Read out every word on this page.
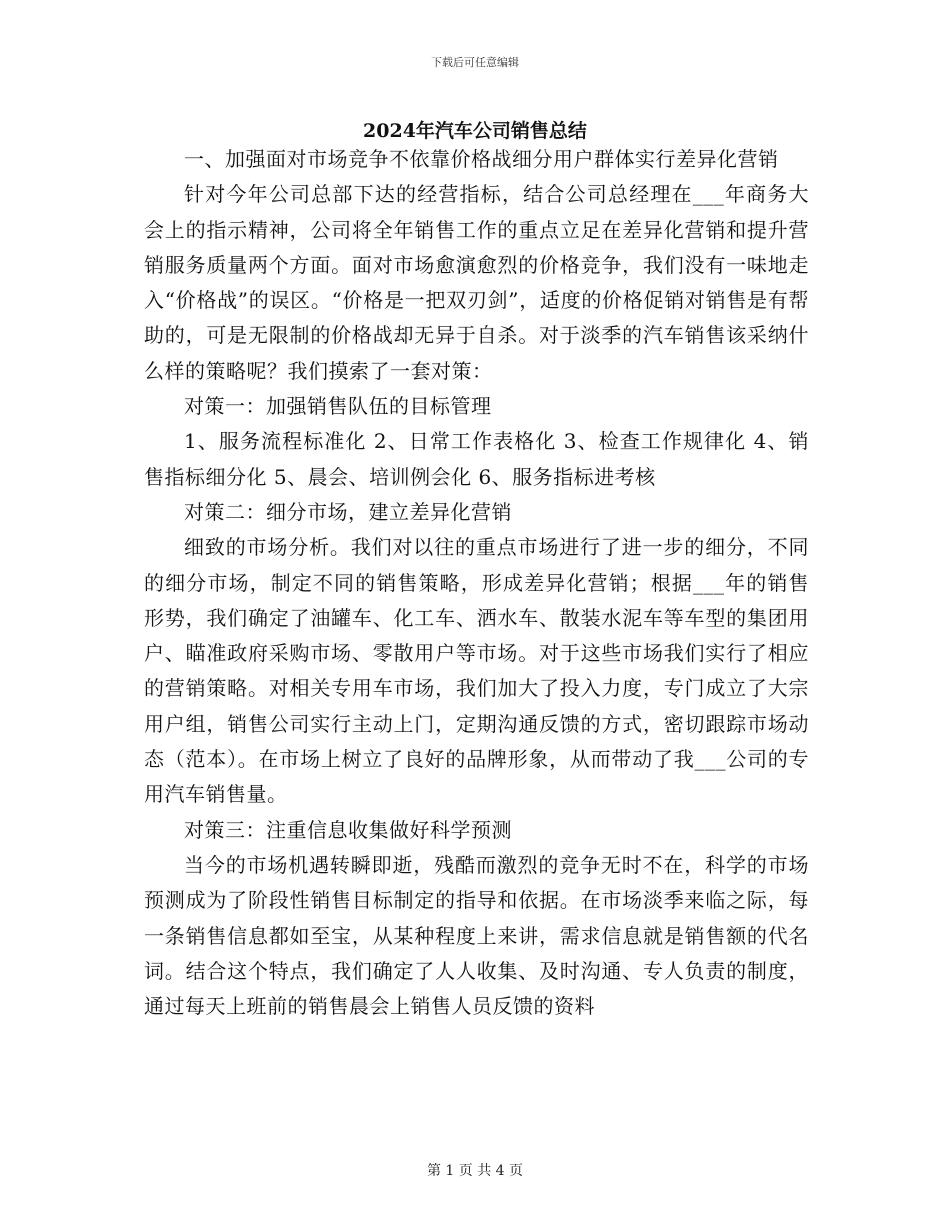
下载后可任意编辑
2024年汽车公司销售总结

一、加强面对市场竞争不依靠价格战细分用户群体实行差异化营销

针对今年公司总部下达的经营指标，结合公司总经理在___年商务大会上的指示精神，公司将全年销售工作的重点立足在差异化营销和提升营销服务质量两个方面。面对市场愈演愈烈的价格竞争，我们没有一味地走入“价格战”的误区。“价格是一把双刃剑”，适度的价格促销对销售是有帮助的，可是无限制的价格战却无异于自杀。对于淡季的汽车销售该采纳什么样的策略呢？我们摸索了一套对策：

对策一：加强销售队伍的目标管理

1、服务流程标准化 2、日常工作表格化 3、检查工作规律化 4、销售指标细分化 5、晨会、培训例会化 6、服务指标进考核

对策二：细分市场，建立差异化营销

细致的市场分析。我们对以往的重点市场进行了进一步的细分，不同的细分市场，制定不同的销售策略，形成差异化营销；根据___年的销售形势，我们确定了油罐车、化工车、洒水车、散装水泥车等车型的集团用户、瞄准政府采购市场、零散用户等市场。对于这些市场我们实行了相应的营销策略。对相关专用车市场，我们加大了投入力度，专门成立了大宗用户组，销售公司实行主动上门，定期沟通反馈的方式，密切跟踪市场动态（范本）。在市场上树立了良好的品牌形象，从而带动了我___公司的专用汽车销售量。

对策三：注重信息收集做好科学预测

当今的市场机遇转瞬即逝，残酷而激烈的竞争无时不在，科学的市场预测成为了阶段性销售目标制定的指导和依据。在市场淡季来临之际，每一条销售信息都如至宝，从某种程度上来讲，需求信息就是销售额的代名词。结合这个特点，我们确定了人人收集、及时沟通、专人负责的制度，通过每天上班前的销售晨会上销售人员反馈的资料

第 1 页 共 4 页
